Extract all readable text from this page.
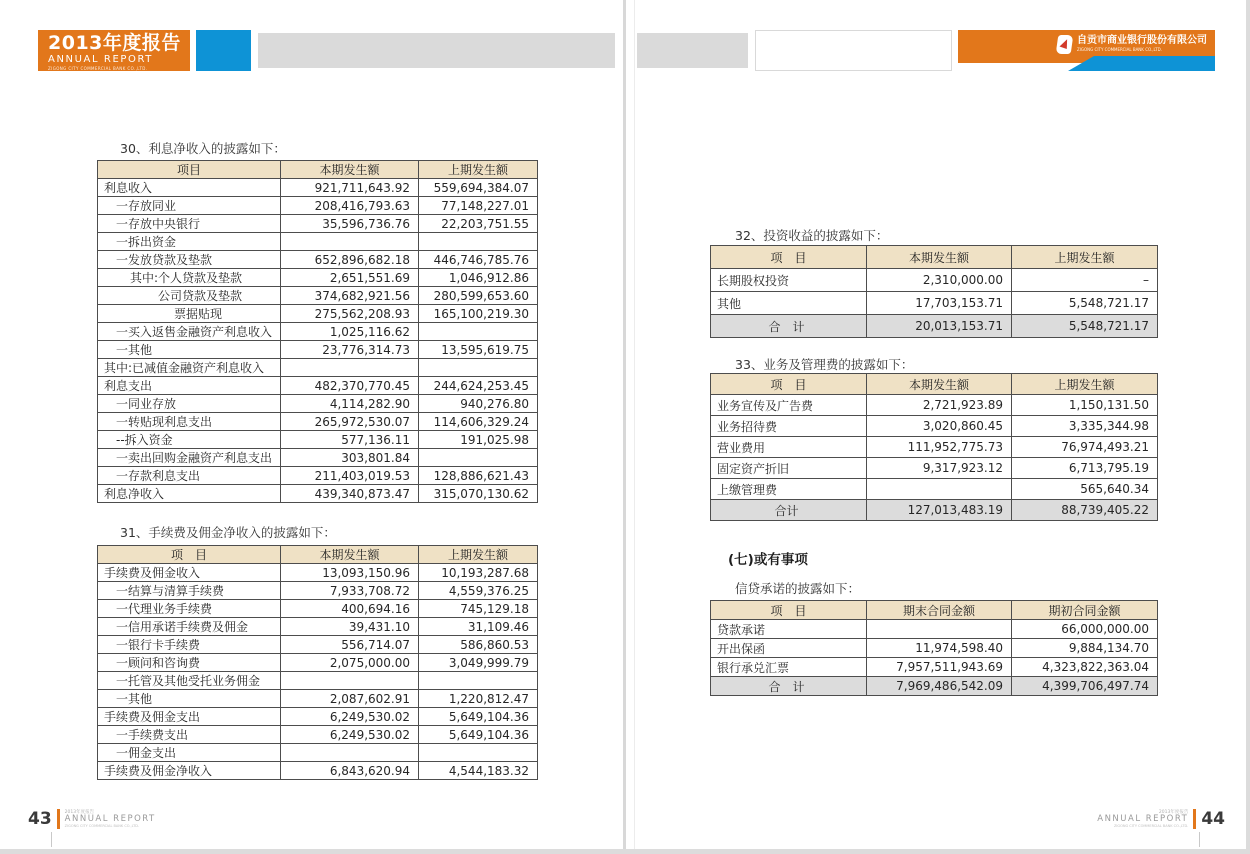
2013年度报告
ANNUAL REPORT
ZIGONG CITY COMMERCIAL BANK CO.,LTD.
自贡市商业银行股份有限公司
ZIGONG CITY COMMERCIAL BANK CO.,LTD.
30、利息净收入的披露如下：
项目	本期发生额	上期发生额
利息收入	921,711,643.92	559,694,384.07
一存放同业	208,416,793.63	77,148,227.01
一存放中央银行	35,596,736.76	22,203,751.55
一拆出资金		
一发放贷款及垫款	652,896,682.18	446,746,785.76
其中:个人贷款及垫款	2,651,551.69	1,046,912.86
公司贷款及垫款	374,682,921.56	280,599,653.60
票据贴现	275,562,208.93	165,100,219.30
一买入返售金融资产利息收入	1,025,116.62	
一其他	23,776,314.73	13,595,619.75
其中:已减值金融资产利息收入		
利息支出	482,370,770.45	244,624,253.45
一同业存放	4,114,282.90	940,276.80
一转贴现利息支出	265,972,530.07	114,606,329.24
--拆入资金	577,136.11	191,025.98
一卖出回购金融资产利息支出	303,801.84	
一存款利息支出	211,403,019.53	128,886,621.43
利息净收入	439,340,873.47	315,070,130.62
31、手续费及佣金净收入的披露如下：
项　目	本期发生额	上期发生额
手续费及佣金收入	13,093,150.96	10,193,287.68
一结算与清算手续费	7,933,708.72	4,559,376.25
一代理业务手续费	400,694.16	745,129.18
一信用承诺手续费及佣金	39,431.10	31,109.46
一银行卡手续费	556,714.07	586,860.53
一顾问和咨询费	2,075,000.00	3,049,999.79
一托管及其他受托业务佣金		
一其他	2,087,602.91	1,220,812.47
手续费及佣金支出	6,249,530.02	5,649,104.36
一手续费支出	6,249,530.02	5,649,104.36
一佣金支出		
手续费及佣金净收入	6,843,620.94	4,544,183.32
32、投资收益的披露如下：
项　目	本期发生额	上期发生额
长期股权投资	2,310,000.00	–
其他	17,703,153.71	5,548,721.17
合　计	20,013,153.71	5,548,721.17
33、业务及管理费的披露如下：
项　目	本期发生额	上期发生额
业务宣传及广告费	2,721,923.89	1,150,131.50
业务招待费	3,020,860.45	3,335,344.98
营业费用	111,952,775.73	76,974,493.21
固定资产折旧	9,317,923.12	6,713,795.19
上缴管理费		565,640.34
合计	127,013,483.19	88,739,405.22
(七)或有事项
信贷承诺的披露如下：
项　目	期末合同金额	期初合同金额
贷款承诺		66,000,000.00
开出保函	11,974,598.40	9,884,134.70
银行承兑汇票	7,957,511,943.69	4,323,822,363.04
合　计	7,969,486,542.09	4,399,706,497.74
43	2013年度报告
ANNUAL REPORT
ZIGONG CITY COMMERCIAL BANK CO.,LTD.
2013年度报告
ANNUAL REPORT
ZIGONG CITY COMMERCIAL BANK CO.,LTD. 44
